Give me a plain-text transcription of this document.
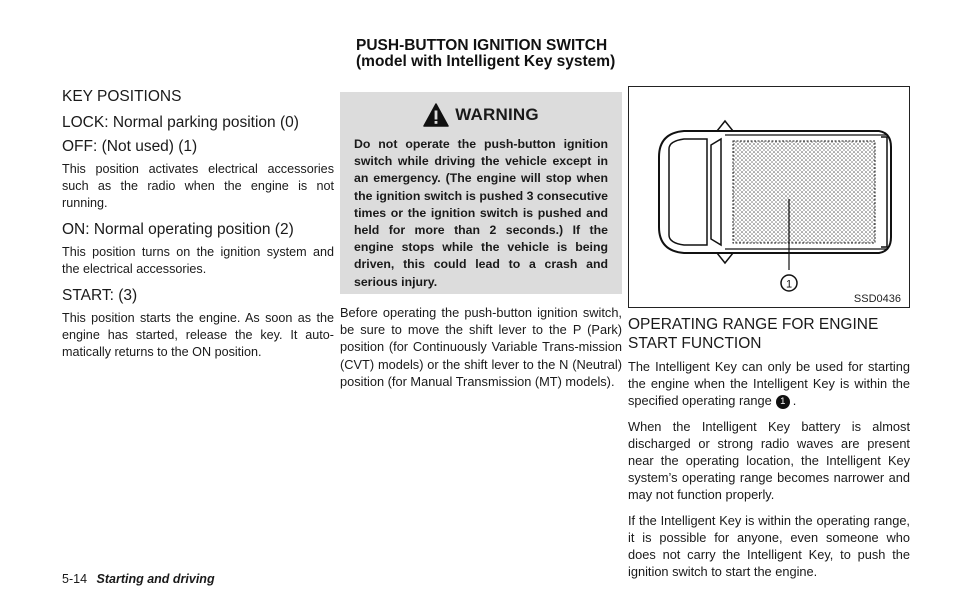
PUSH-BUTTON IGNITION SWITCH
(model with Intelligent Key system)
KEY POSITIONS
LOCK: Normal parking position (0)
OFF: (Not used) (1)

This position activates electrical accessories such as the radio when the engine is not running.

ON: Normal operating position (2)

This position turns on the ignition system and the electrical accessories.

START: (3)

This position starts the engine. As soon as the engine has started, release the key. It auto-matically returns to the ON position.

WARNING
Do not operate the push-button ignition switch while driving the vehicle except in an emergency. (The engine will stop when the ignition switch is pushed 3 consecutive times or the ignition switch is pushed and held for more than 2 seconds.) If the engine stops while the vehicle is being driven, this could lead to a crash and serious injury.

Before operating the push-button ignition switch, be sure to move the shift lever to the P (Park) position (for Continuously Variable Trans-mission (CVT) models) or the shift lever to the N (Neutral) position (for Manual Transmission (MT) models).

1
SSD0436
OPERATING RANGE FOR ENGINE
START FUNCTION

The Intelligent Key can only be used for starting the engine when the Intelligent Key is within the specified operating range 1 .

When the Intelligent Key battery is almost discharged or strong radio waves are present near the operating location, the Intelligent Key system’s operating range becomes narrower and may not function properly.

If the Intelligent Key is within the operating range, it is possible for anyone, even someone who does not carry the Intelligent Key, to push the ignition switch to start the engine.

5-14 Starting and driving
